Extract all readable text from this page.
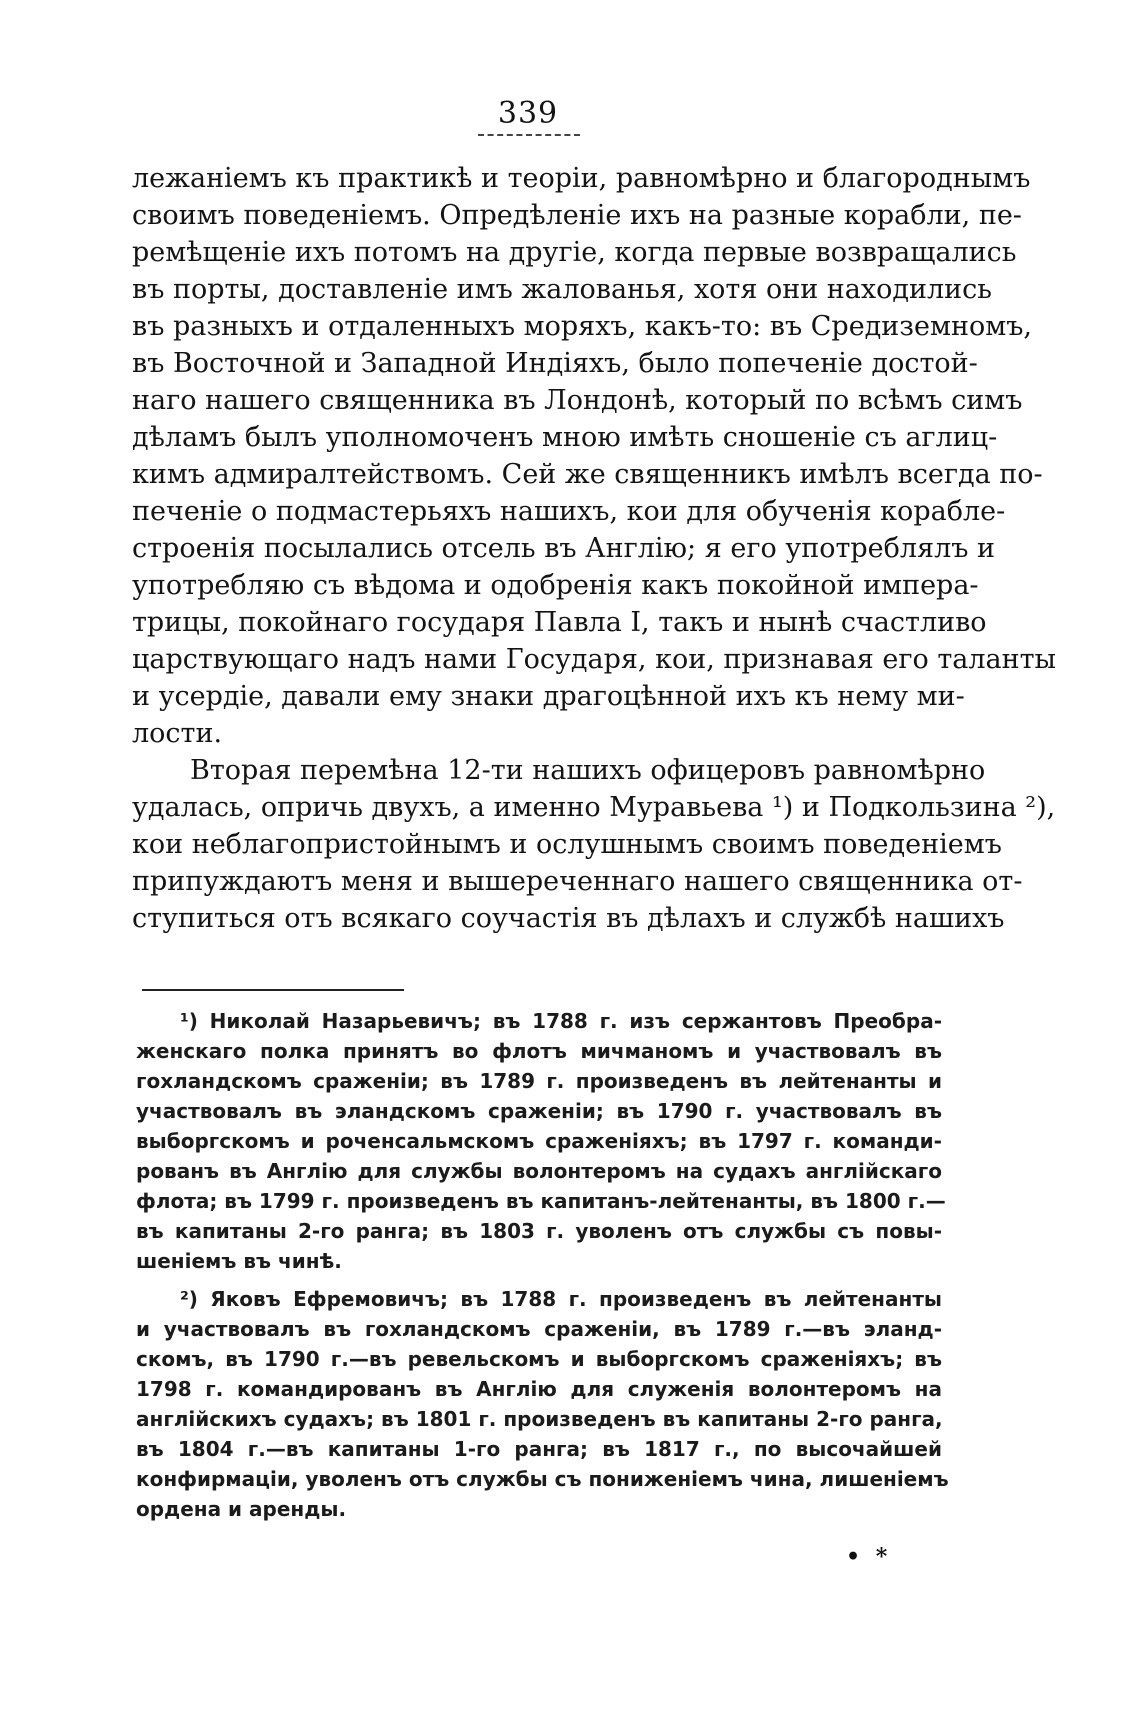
339
лежаніемъ къ практикѣ и теоріи, равномѣрно и благороднымъ
своимъ поведеніемъ. Опредѣленіе ихъ на разные корабли, пе-
ремѣщеніе ихъ потомъ на другіе, когда первые возвращались
въ порты, доставленіе имъ жалованья, хотя они находились
въ разныхъ и отдаленныхъ моряхъ, какъ-то: въ Средиземномъ,
въ Восточной и Западной Индіяхъ, было попеченіе достой-
наго нашего священника въ Лондонѣ, который по всѣмъ симъ
дѣламъ былъ уполномоченъ мною имѣть сношеніе съ аглиц-
кимъ адмиралтействомъ. Сей же священникъ имѣлъ всегда по-
печеніе о подмастерьяхъ нашихъ, кои для обученія корабле-
строенія посылались отсель въ Англію; я его употреблялъ и
употребляю съ вѣдома и одобренія какъ покойной импера-
трицы, покойнаго государя Павла I, такъ и нынѣ счастливо
царствующаго надъ нами Государя, кои, признавая его таланты
и усердіе, давали ему знаки драгоцѣнной ихъ къ нему ми-
лости.
Вторая перемѣна 12-ти нашихъ офицеровъ равномѣрно
удалась, опричь двухъ, а именно Муравьева ¹) и Подкользина ²),
кои неблагопристойнымъ и ослушнымъ своимъ поведеніемъ
припуждаютъ меня и вышереченнаго нашего священника от-
ступиться отъ всякаго соучастія въ дѣлахъ и службѣ нашихъ
¹) Николай Назарьевичъ; въ 1788 г. изъ сержантовъ Преобра-
женскаго полка принятъ во флотъ мичманомъ и участвовалъ въ
гохландскомъ сраженіи; въ 1789 г. произведенъ въ лейтенанты и
участвовалъ въ эландскомъ сраженіи; въ 1790 г. участвовалъ въ
выборгскомъ и роченсальмскомъ сраженіяхъ; въ 1797 г. команди-
рованъ въ Англію для службы волонтеромъ на судахъ англійскаго
флота; въ 1799 г. произведенъ въ капитанъ-лейтенанты, въ 1800 г.—
въ капитаны 2-го ранга; въ 1803 г. уволенъ отъ службы съ повы-
шеніемъ въ чинѣ.
²) Яковъ Ефремовичъ; въ 1788 г. произведенъ въ лейтенанты
и участвовалъ въ гохландскомъ сраженіи, въ 1789 г.—въ эланд-
скомъ, въ 1790 г.—въ ревельскомъ и выборгскомъ сраженіяхъ; въ
1798 г. командированъ въ Англію для служенія волонтеромъ на
англійскихъ судахъ; въ 1801 г. произведенъ въ капитаны 2-го ранга,
въ 1804 г.—въ капитаны 1-го ранга; въ 1817 г., по высочайшей
конфирмаціи, уволенъ отъ службы съ пониженіемъ чина, лишеніемъ
ордена и аренды.
• *
